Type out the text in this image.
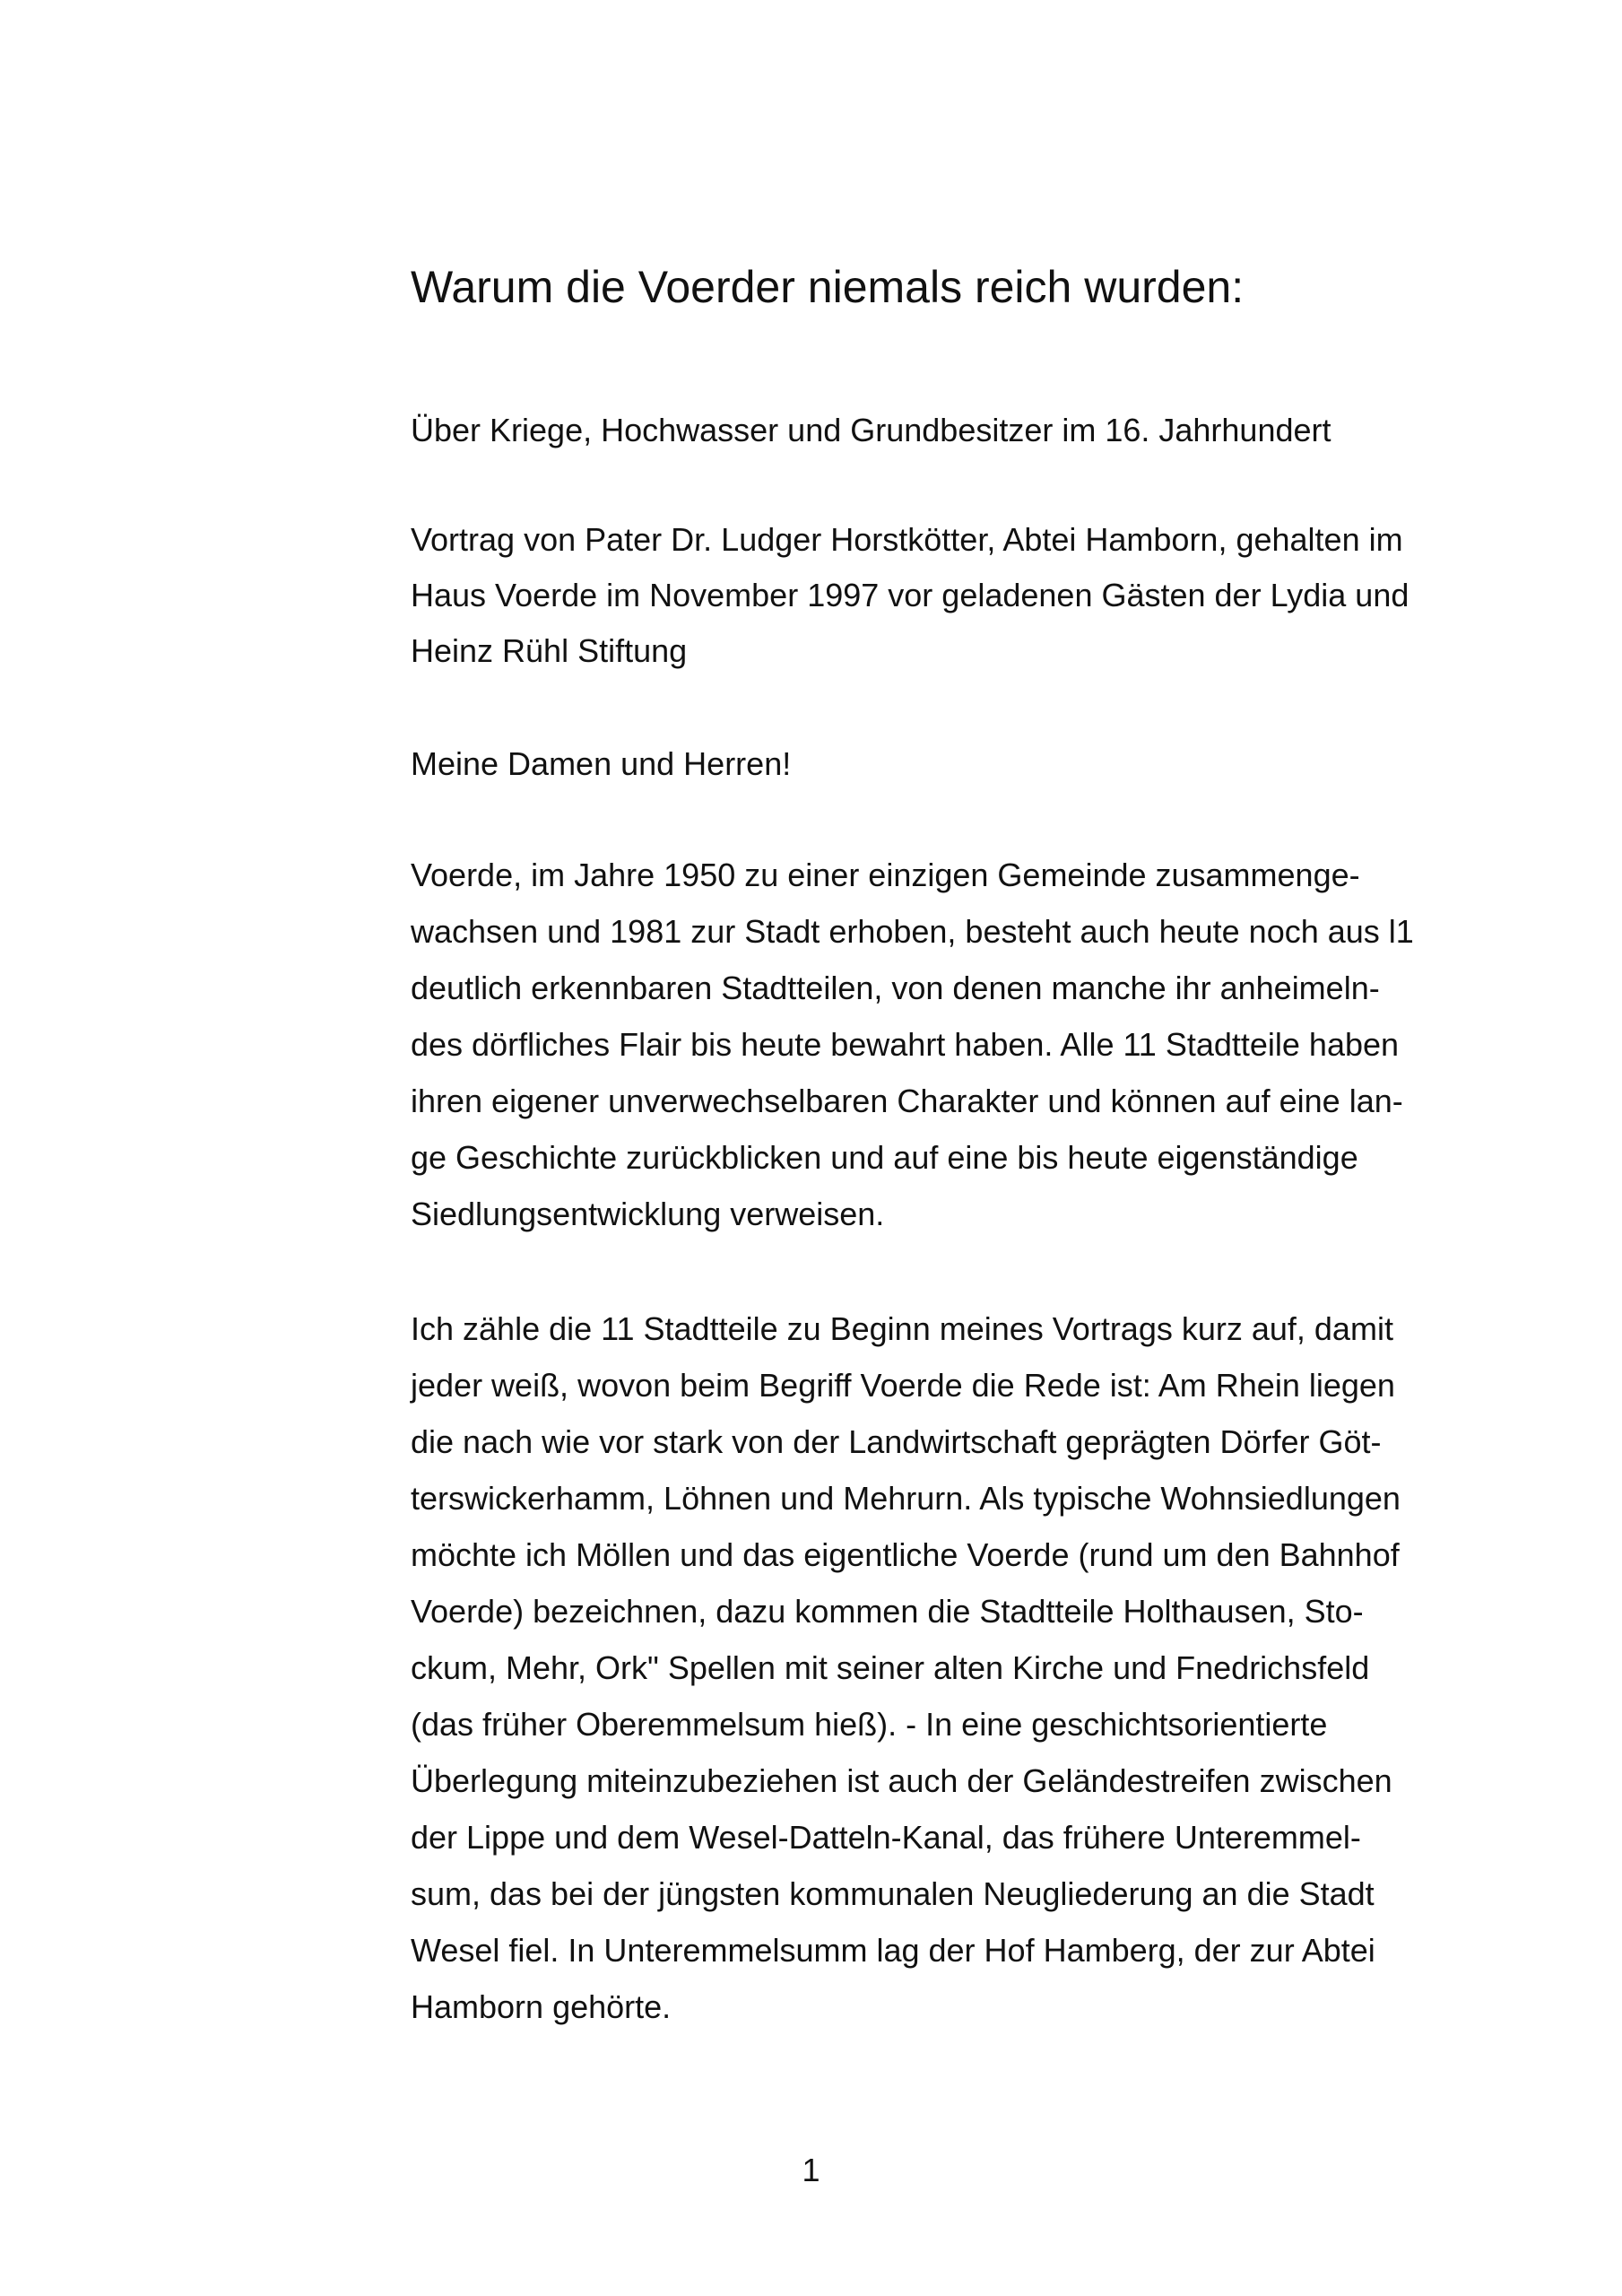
Warum die Voerder niemals reich wurden:

Über Kriege, Hochwasser und Grundbesitzer im 16. Jahrhundert

Vortrag von Pater Dr. Ludger Horstkötter, Abtei Hamborn, gehalten im

Haus Voerde im November 1997 vor geladenen Gästen der Lydia und

Heinz Rühl Stiftung

Meine Damen und Herren!

Voerde, im Jahre 1950 zu einer einzigen Gemeinde zusammenge-

wachsen und 1981 zur Stadt erhoben, besteht auch heute noch aus l1

deutlich erkennbaren Stadtteilen, von denen manche ihr anheimeln-

des dörfliches Flair bis heute bewahrt haben. Alle 11 Stadtteile haben

ihren eigener unverwechselbaren Charakter und können auf eine lan-

ge Geschichte zurückblicken und auf eine bis heute eigenständige

Siedlungsentwicklung verweisen.

Ich zähle die 11 Stadtteile zu Beginn meines Vortrags kurz auf, damit

jeder weiß, wovon beim Begriff Voerde die Rede ist: Am Rhein liegen

die nach wie vor stark von der Landwirtschaft geprägten Dörfer Göt-

terswickerhamm, Löhnen und Mehrurn. Als typische Wohnsiedlungen

möchte ich Möllen und das eigentliche Voerde (rund um den Bahnhof

Voerde) bezeichnen, dazu kommen die Stadtteile Holthausen, Sto-

ckum, Mehr, Ork" Spellen mit seiner alten Kirche und Fnedrichsfeld

(das früher Oberemmelsum hieß). - In eine geschichtsorientierte

Überlegung miteinzubeziehen ist auch der Geländestreifen zwischen

der Lippe und dem Wesel-Datteln-Kanal, das frühere Unteremmel-

sum, das bei der jüngsten kommunalen Neugliederung an die Stadt

Wesel fiel. In Unteremmelsumm lag der Hof Hamberg, der zur Abtei

Hamborn gehörte.

1
